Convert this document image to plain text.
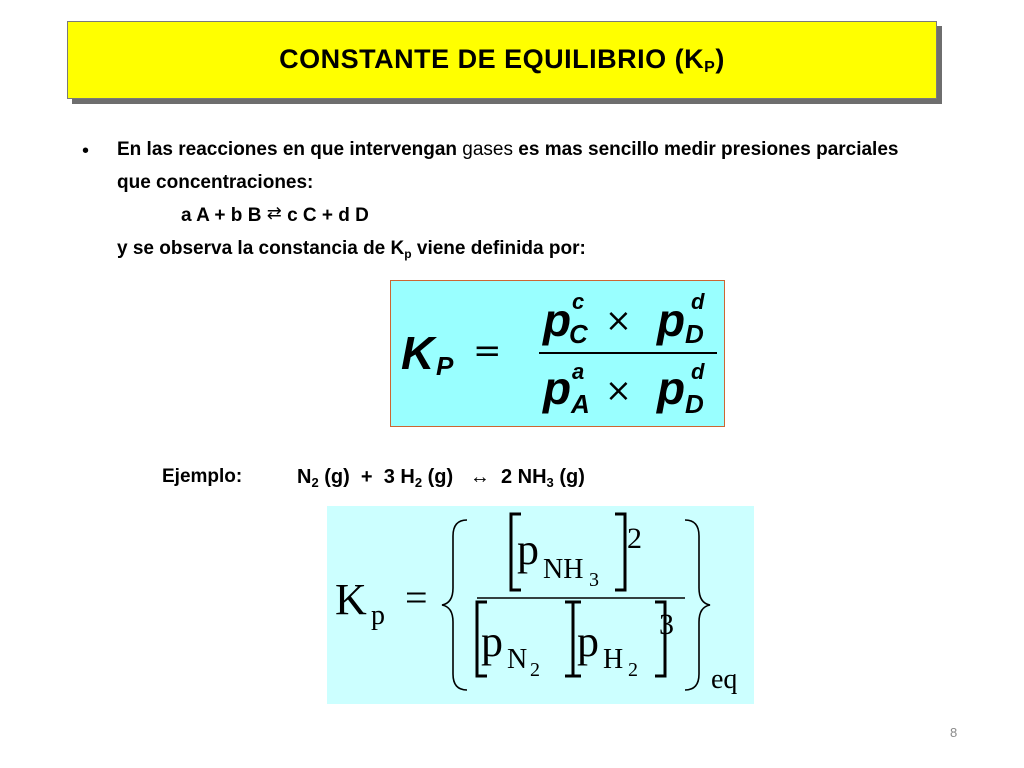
CONSTANTE DE EQUILIBRIO $(K_P)$
• En las reacciones en que intervengan gases es mas sencillo medir presiones parciales que concentraciones:
a A + b B ⇄ c C + d D
y se observa la constancia de $K_p$ viene definida por:
K P =
p c
C × p d
D
p a
A × p d
D
Ejemplo:	$N_2$ (g) + 3 $H_2$ (g) ↔ 2 $NH_3$ (g)
K p =
p NH 3
2
p N 2
p H 2
3
eq
8
